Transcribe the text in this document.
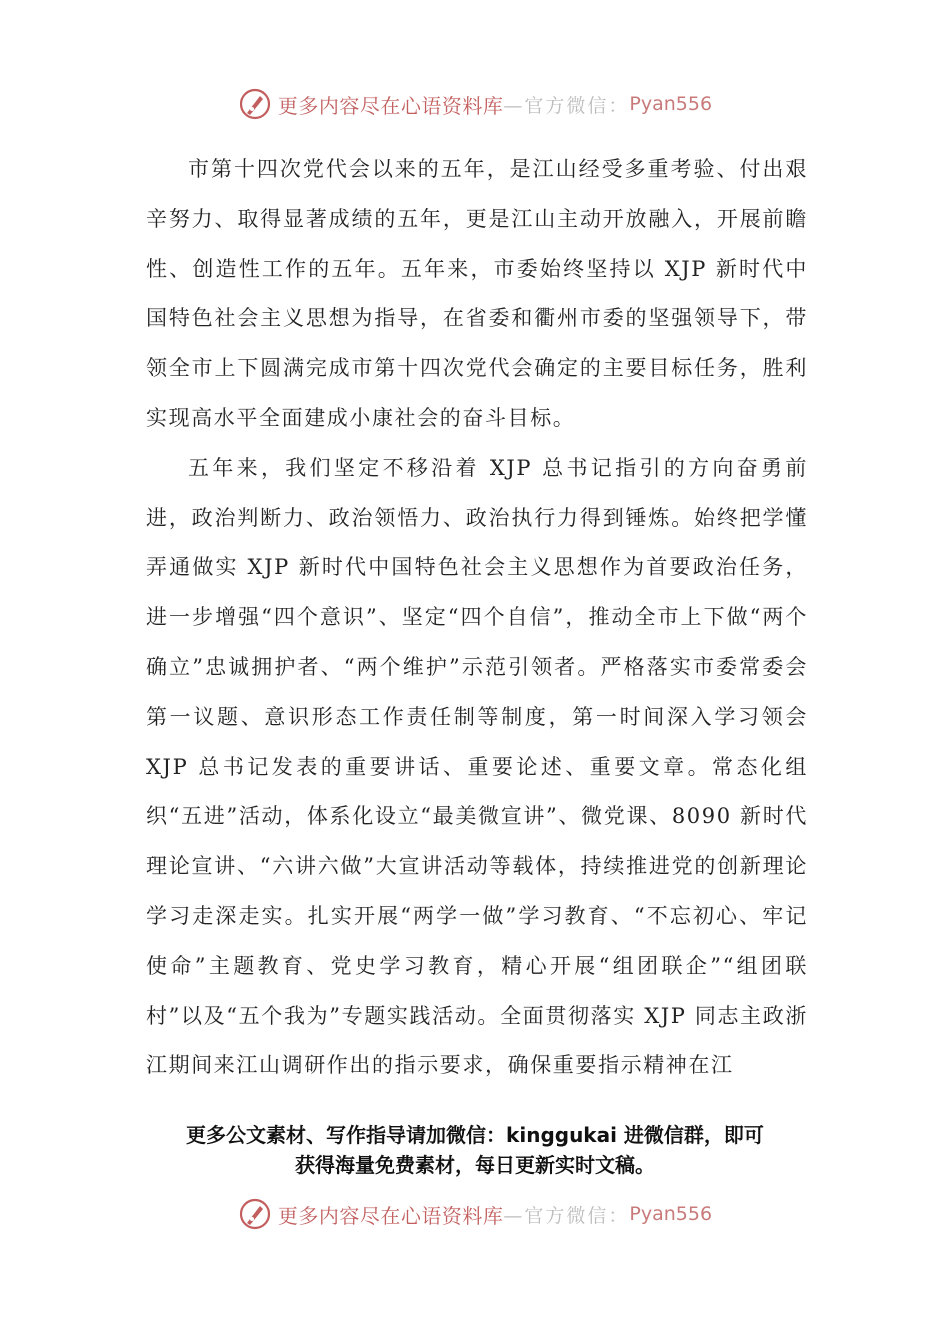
更多内容尽在心语资料库 —官方微信： Pyan556

市第十四次党代会以来的五年，是江山经受多重考验、付出艰辛努力、取得显著成绩的五年，更是江山主动开放融入，开展前瞻性、创造性工作的五年。五年来，市委始终坚持以 XJP 新时代中国特色社会主义思想为指导，在省委和衢州市委的坚强领导下，带领全市上下圆满完成市第十四次党代会确定的主要目标任务，胜利实现高水平全面建成小康社会的奋斗目标。

五年来，我们坚定不移沿着 XJP 总书记指引的方向奋勇前进，政治判断力、政治领悟力、政治执行力得到锤炼。始终把学懂弄通做实 XJP 新时代中国特色社会主义思想作为首要政治任务，进一步增强“四个意识”、坚定“四个自信”，推动全市上下做“两个确立”忠诚拥护者、“两个维护”示范引领者。严格落实市委常委会第一议题、意识形态工作责任制等制度，第一时间深入学习领会 XJP 总书记发表的重要讲话、重要论述、重要文章。常态化组织“五进”活动，体系化设立“最美微宣讲”、微党课、8090 新时代理论宣讲、“六讲六做”大宣讲活动等载体，持续推进党的创新理论学习走深走实。扎实开展“两学一做”学习教育、“不忘初心、牢记使命”主题教育、党史学习教育，精心开展“组团联企”“组团联村”以及“五个我为”专题实践活动。全面贯彻落实 XJP 同志主政浙江期间来江山调研作出的指示要求，确保重要指示精神在江

更多公文素材、写作指导请加微信：kinggukai 进微信群，即可
获得海量免费素材，每日更新实时文稿。
更多内容尽在心语资料库 —官方微信： Pyan556
